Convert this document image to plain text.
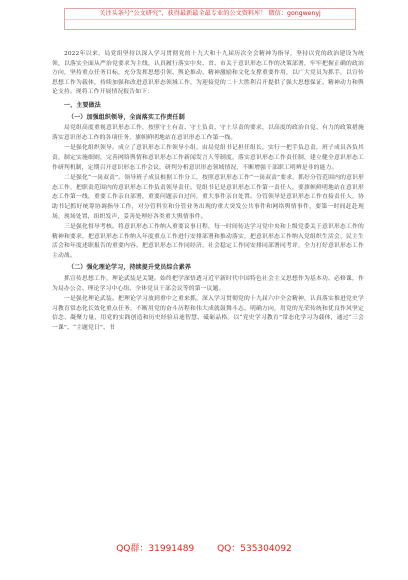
关注头条号“公文研究”，获得最新最全最专业的公文资料库！ 微信：gongwenyj

2022年以来，局党组坚持以深入学习贯彻党的十九大和十九届历次全会精神为指导，坚持以党的政治建设为统领，以落实全面从严治党要求为主线，认真履行落实中央、省、市关于意识形态工作的决策部署，牢牢把握正确的政治方向，坚持重点任务目标，充分发挥思想引领、舆论推动、精神激励和文化支撑重要作用，以广大党员为抓手，以宣传思想工作为载体，持续加强和改进意识形态领域工作，为迎接党的二十大胜利召开提供了强大思想保证、精神动力和舆论支持。现将工作开展情况报告如下：

一、主要做法
（一）加强组织领导，全面落实工作责任制

局党组高度重视意识形态工作，按照守土有责、守土负责、守土尽责的要求，以高度的政治自觉、有力的政策措施落实意识形态工作的各项任务，旗帜鲜明地站在意识形态工作第一线。

一是强化组织领导。成立了意识形态工作领导小组，由局党组书记担任组长，实行一把手负总责，班子成员各负其责，制定实施细则，完善网络舆情和意识形态工作新闻发言人等制度，落实意识形态工作责任制，建立健全意识形态工作研判机制，定期召开意识形态工作会议，研判分析意识形态领域情况，不断增强干部职工明辨是非的能力。

二是强化“一岗双责”。领导班子成员根据工作分工，按照意识形态工作“一岗双责”要求，抓好分管范围内的意识形态工作，把职责范围内的意识形态工作负责领导责任。党组书记是意识形态工作第一责任人，要旗帜鲜明地站在意识形态工作第一线，重要工作亲自部署，重要问题亲自过问，重大事件亲自处置。分管领导是意识形态工作直接责任人，协助书记抓好统筹协调指导工作，对分管科室和分管业务出现的重大突发公共事件和网络舆情事件，要第一时间赶赴现场，现场处置，组织发声，妥善处理好各类重大舆情事件。

三是强化督导考核。将意识形态工作纳入重要议事日程，每一时间传达学习党中央和上级党委关于意识形态工作的精神和要求，把意识形态工作纳入年度重点工作进行安排部署和推动落实，把意识形态工作纳入党组织生活会、民主生活会和年度述职报告的重要内容。把意识形态工作同经济、社会稳定工作同安排同部署同考评，全力打好意识形态工作主动战。

（二）强化理论学习，持续提升党员综合素养

抓宣传思想工作，理论武装是关键。始终把学深悟透习近平新时代中国特色社会主义思想作为基本功、必修课，作为局办公会、理论学习中心组、全体党员干部会议等的第一议题。

一是强化理论武装。把理论学习放到重中之重来抓，深入学习贯彻党的十九届六中全会精神，认真落实推进党史学习教育常态化长效化重点任务，不断用党的奋斗历程和伟大成就鼓舞斗志、明确方向，用党的光荣传统和优良作风坚定信念、凝聚力量，用党的实践创造和历史经验启迪智慧、砥砺品格。以“党史学习教育”常态化学习为载体，通过“三会一课”、“主题党日”、书

QQ群：31991489	QQ：535304092
